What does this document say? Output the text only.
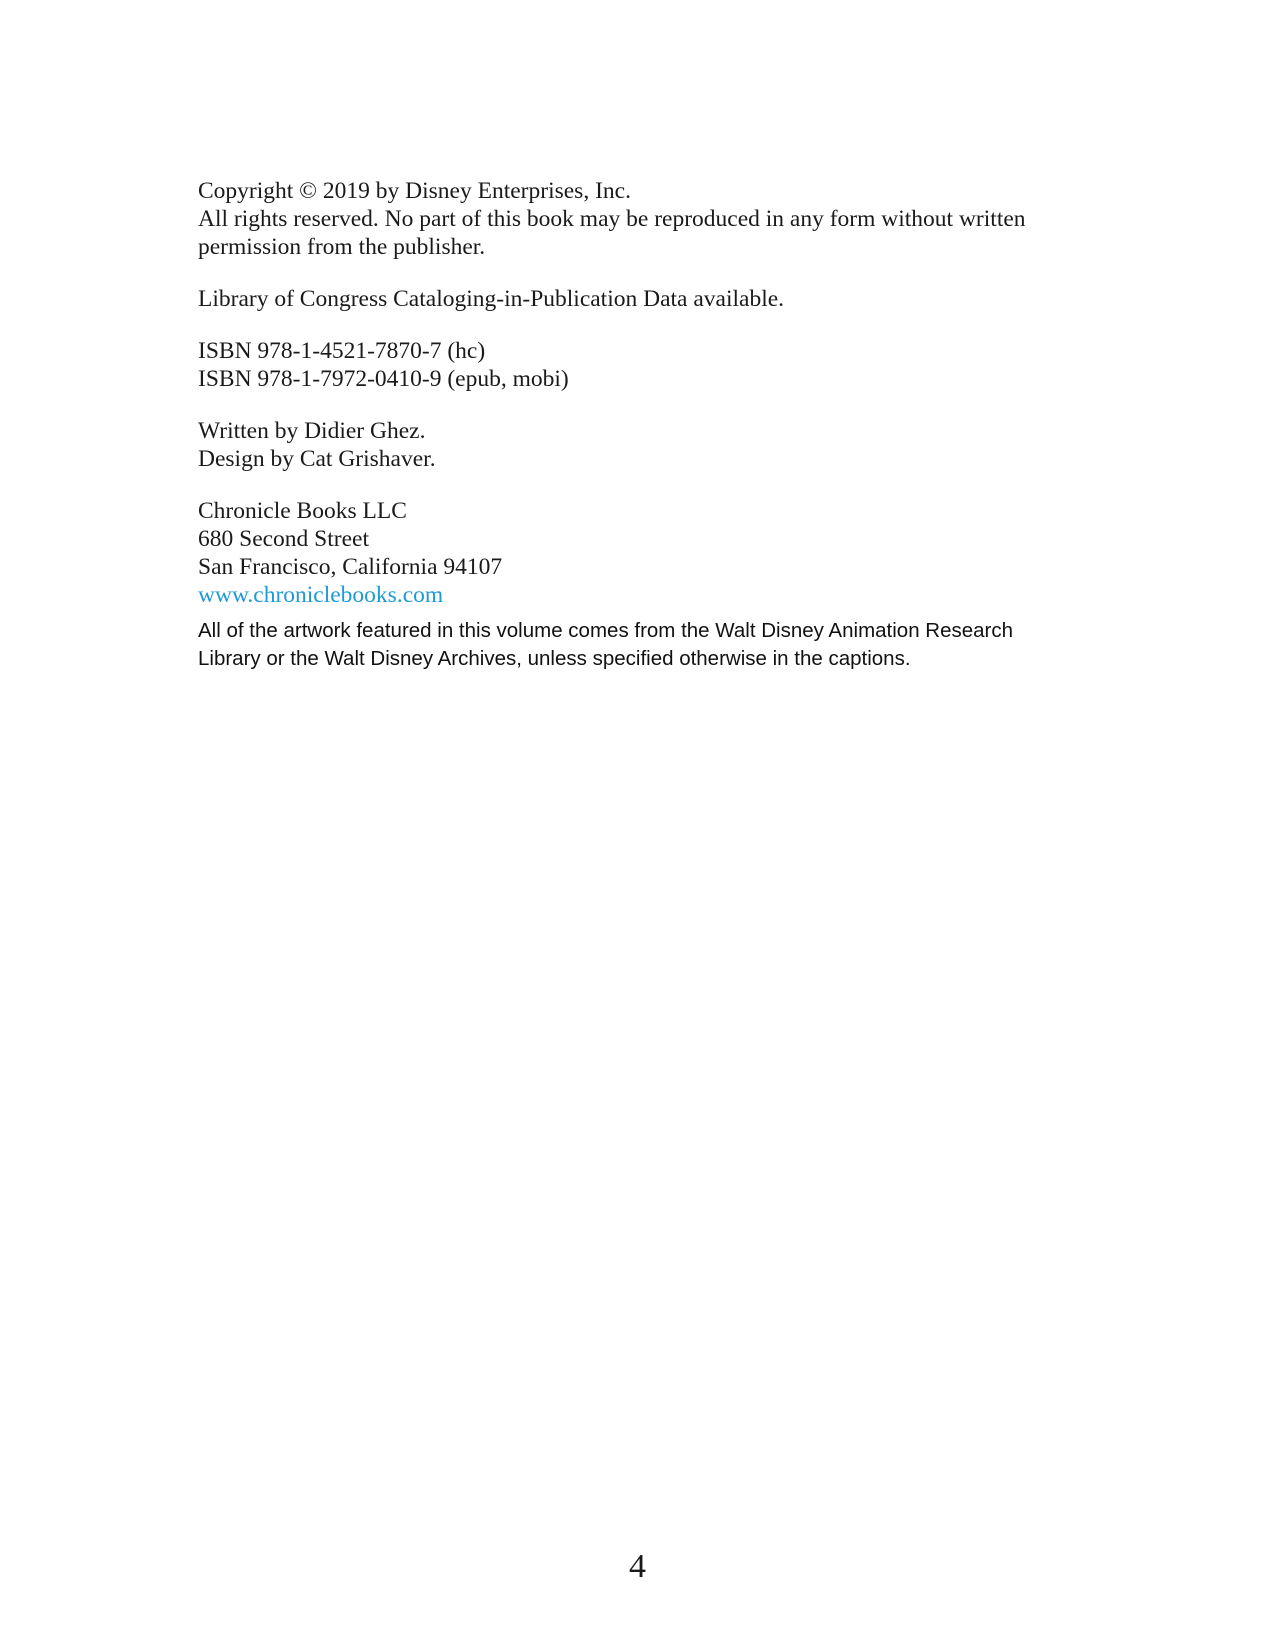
Copyright © 2019 by Disney Enterprises, Inc.
All rights reserved. No part of this book may be reproduced in any form without written permission from the publisher.
Library of Congress Cataloging-in-Publication Data available.
ISBN 978-1-4521-7870-7 (hc)
ISBN 978-1-7972-0410-9 (epub, mobi)
Written by Didier Ghez.
Design by Cat Grishaver.
Chronicle Books LLC
680 Second Street
San Francisco, California 94107
www.chroniclebooks.com
All of the artwork featured in this volume comes from the Walt Disney Animation Research Library or the Walt Disney Archives, unless specified otherwise in the captions.
4
